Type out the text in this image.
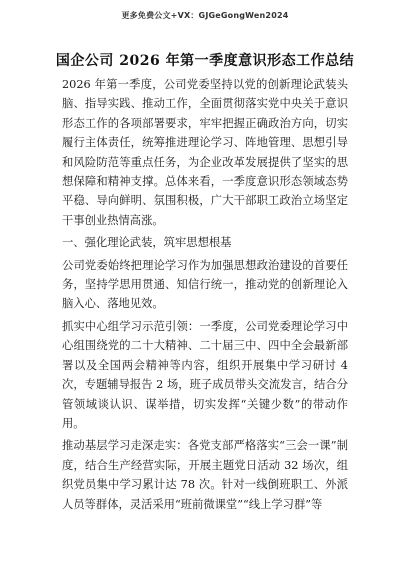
更多免费公文+VX：GJGeGongWen2024
国企公司 2026 年第一季度意识形态工作总结

2026 年第一季度，公司党委坚持以党的创新理论武装头脑、指导实践、推动工作，全面贯彻落实党中央关于意识形态工作的各项部署要求，牢牢把握正确政治方向，切实履行主体责任，统筹推进理论学习、阵地管理、思想引导和风险防范等重点任务，为企业改革发展提供了坚实的思想保障和精神支撑。总体来看，一季度意识形态领域态势平稳、导向鲜明、氛围积极，广大干部职工政治立场坚定干事创业热情高涨。

一、强化理论武装，筑牢思想根基

公司党委始终把理论学习作为加强思想政治建设的首要任务，坚持学思用贯通、知信行统一，推动党的创新理论入脑入心、落地见效。

抓实中心组学习示范引领：一季度，公司党委理论学习中心组围绕党的二十大精神、二十届三中、四中全会最新部署以及全国两会精神等内容，组织开展集中学习研讨 4 次，专题辅导报告 2 场，班子成员带头交流发言，结合分管领域谈认识、谋举措，切实发挥“关键少数”的带动作用。

推动基层学习走深走实：各党支部严格落实“三会一课”制度，结合生产经营实际，开展主题党日活动 32 场次，组织党员集中学习累计达 78 次。针对一线倒班职工、外派人员等群体，灵活采用“班前微课堂”“线上学习群”等
